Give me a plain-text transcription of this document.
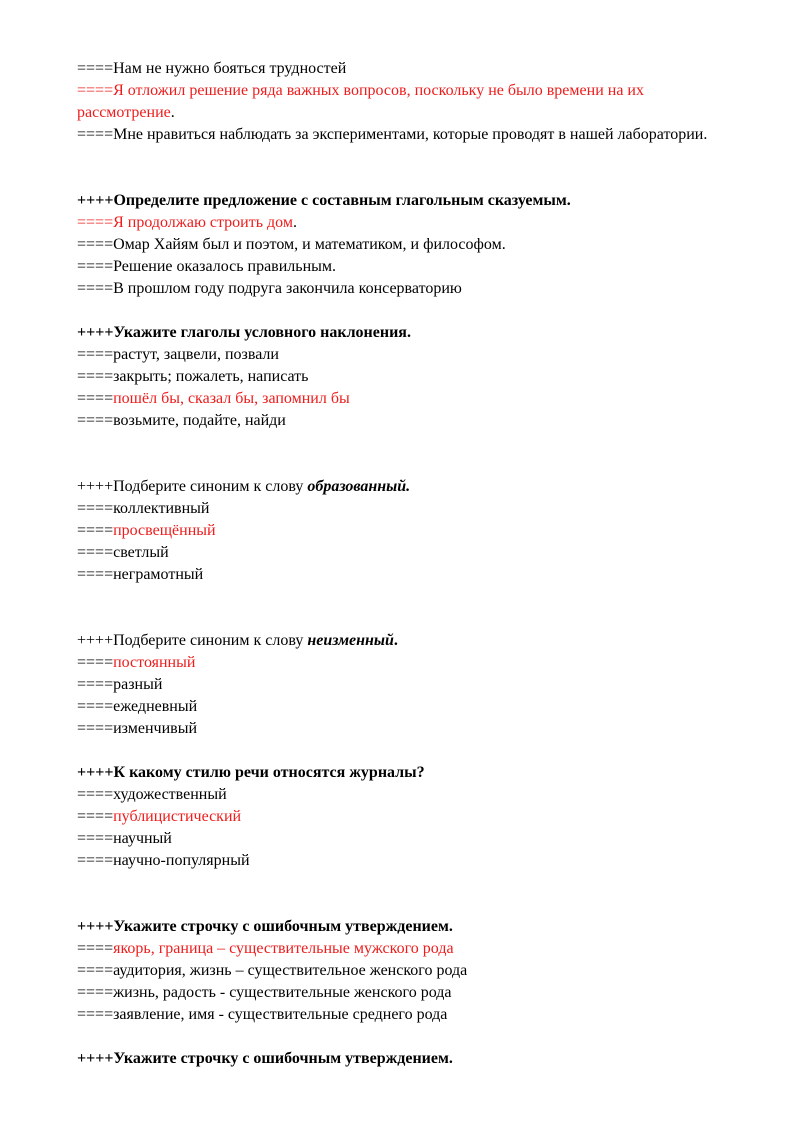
====Нам не нужно бояться трудностей

====Я отложил решение ряда важных вопросов, поскольку не было времени на их рассмотрение.

====Мне нравиться наблюдать за экспериментами, которые проводят в нашей лаборатории.

++++Определите предложение с составным глагольным сказуемым.

====Я продолжаю строить дом.

====Омар Хайям был и поэтом, и математиком, и философом.

====Решение оказалось правильным.

====В прошлом году подруга закончила консерваторию

++++Укажите глаголы условного наклонения.

====растут, зацвели, позвали

====закрыть; пожалеть, написать

====пошёл бы, сказал бы, запомнил бы

====возьмите, подайте, найди

++++Подберите синоним к слову образованный.

====коллективный

====просвещённый

====светлый

====неграмотный

++++Подберите синоним к слову неизменный.

====постоянный

====разный

====ежедневный

====изменчивый

++++К какому стилю речи относятся журналы?

====художественный

====публицистический

====научный

====научно-популярный

++++Укажите строчку с ошибочным утверждением.

====якорь, граница – существительные мужского рода

====аудитория, жизнь – существительное женского рода

====жизнь, радость - существительные женского рода

====заявление, имя - существительные среднего рода

++++Укажите строчку с ошибочным утверждением.
